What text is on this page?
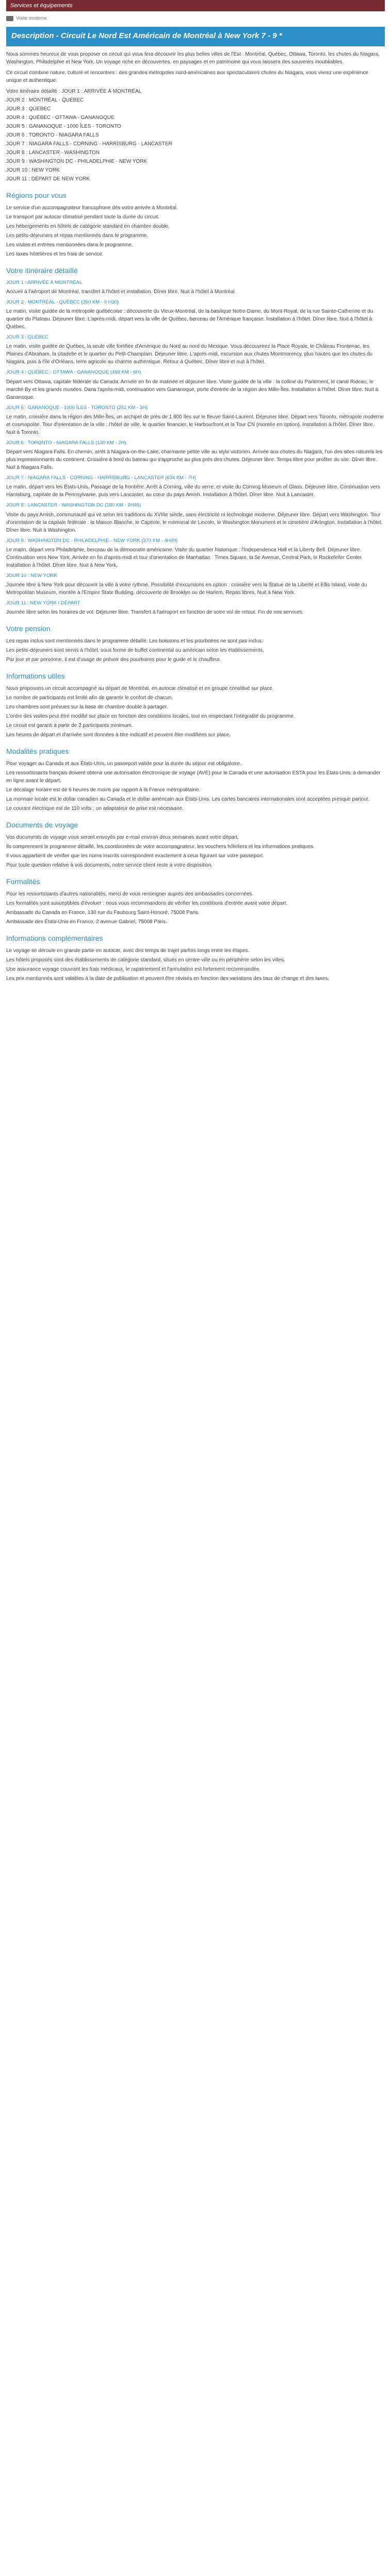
Services et équipements
Visite moderne
Description - Circuit Le Nord Est Américain de Montréal à New York 7 - 9 *

Nous sommes heureux de vous proposer ce circuit qui vous fera découvrir les plus belles villes de l'Est : Montréal, Québec, Ottawa, Toronto, les chutes du Niagara, Washington, Philadelphie et New York. Un voyage riche en découvertes, en paysages et en patrimoine qui vous laissera des souvenirs inoubliables.

Ce circuit combine nature, culture et rencontres : des grandes métropoles nord-américaines aux spectaculaires chutes du Niagara, vous vivrez une expérience unique et authentique.

Votre itinéraire détaillé : JOUR 1 : ARRIVÉE À MONTRÉAL

JOUR 2 : MONTRÉAL - QUÉBEC

JOUR 3 : QUÉBEC

JOUR 4 : QUÉBEC - OTTAWA - GANANOQUE

JOUR 5 : GANANOQUE - 1000 ÎLES - TORONTO

JOUR 6 : TORONTO - NIAGARA FALLS

JOUR 7 : NIAGARA FALLS - CORNING - HARRISBURG - LANCASTER

JOUR 8 : LANCASTER - WASHINGTON

JOUR 9 : WASHINGTON DC - PHILADELPHIE - NEW YORK

JOUR 10 : NEW YORK

JOUR 11 : DÉPART DE NEW YORK

Régions pour vous

Le service d'un accompagnateur francophone dès votre arrivée à Montréal.

Le transport par autocar climatisé pendant toute la durée du circuit.

Les hébergements en hôtels de catégorie standard en chambre double.

Les petits-déjeuners et repas mentionnés dans le programme.

Les visites et entrées mentionnées dans le programme.

Les taxes hôtelières et les frais de service.

Votre itinéraire détaillé
JOUR 1 : ARRIVÉE À MONTRÉAL

Accueil à l'aéroport de Montréal, transfert à l'hôtel et installation. Dîner libre. Nuit à l'hôtel à Montréal.

JOUR 2 : MONTRÉAL - QUÉBEC (250 KM - 3 H30)

Le matin, visite guidée de la métropole québécoise : découverte du Vieux-Montréal, de la basilique Notre-Dame, du Mont-Royal, de la rue Sainte-Catherine et du quartier du Plateau. Déjeuner libre. L'après-midi, départ vers la ville de Québec, berceau de l'Amérique française. Installation à l'hôtel. Dîner libre. Nuit à l'hôtel à Québec.

JOUR 3 : QUÉBEC

Le matin, visite guidée de Québec, la seule ville fortifiée d'Amérique du Nord au nord du Mexique. Vous découvrirez la Place Royale, le Château Frontenac, les Plaines d'Abraham, la citadelle et le quartier du Petit-Champlain. Déjeuner libre. L'après-midi, excursion aux chutes Montmorency, plus hautes que les chutes du Niagara, puis à l'île d'Orléans, terre agricole au charme authentique. Retour à Québec. Dîner libre et nuit à l'hôtel.

JOUR 4 : QUÉBEC - OTTAWA - GANANOQUE (469 KM - 6H)

Départ vers Ottawa, capitale fédérale du Canada. Arrivée en fin de matinée et déjeuner libre. Visite guidée de la ville : la colline du Parlement, le canal Rideau, le marché By et les grands musées. Dans l'après-midi, continuation vers Gananoque, porte d'entrée de la région des Mille-Îles. Installation à l'hôtel. Dîner libre. Nuit à Gananoque.

JOUR 5 : GANANOQUE - 1000 ÎLES - TORONTO (251 KM - 3H)

Le matin, croisière dans la région des Mille-Îles, un archipel de près de 1 800 îles sur le fleuve Saint-Laurent. Déjeuner libre. Départ vers Toronto, métropole moderne et cosmopolite. Tour d'orientation de la ville : l'hôtel de ville, le quartier financier, le Harbourfront et la Tour CN (montée en option). Installation à l'hôtel. Dîner libre. Nuit à Toronto.

JOUR 6 : TORONTO - NIAGARA FALLS (130 KM - 2H)

Départ vers Niagara Falls. En chemin, arrêt à Niagara-on-the-Lake, charmante petite ville au style victorien. Arrivée aux chutes du Niagara, l'un des sites naturels les plus impressionnants du continent. Croisière à bord du bateau qui s'approche au plus près des chutes. Déjeuner libre. Temps libre pour profiter du site. Dîner libre. Nuit à Niagara Falls.

JOUR 7 : NIAGARA FALLS - CORNING - HARRISBURG - LANCASTER (634 KM - 7H)

Le matin, départ vers les États-Unis. Passage de la frontière. Arrêt à Corning, ville du verre, et visite du Corning Museum of Glass. Déjeuner libre. Continuation vers Harrisburg, capitale de la Pennsylvanie, puis vers Lancaster, au cœur du pays Amish. Installation à l'hôtel. Dîner libre. Nuit à Lancaster.

JOUR 8 : LANCASTER - WASHINGTON DC (180 KM - 2H45)

Visite du pays Amish, communauté qui vit selon les traditions du XVIIIe siècle, sans électricité ni technologie moderne. Déjeuner libre. Départ vers Washington. Tour d'orientation de la capitale fédérale : la Maison Blanche, le Capitole, le mémorial de Lincoln, le Washington Monument et le cimetière d'Arlington. Installation à l'hôtel. Dîner libre. Nuit à Washington.

JOUR 9 : WASHINGTON DC - PHILADELPHIE - NEW YORK (370 KM - 4H30)

Le matin, départ vers Philadelphie, berceau de la démocratie américaine. Visite du quartier historique : l'Independence Hall et la Liberty Bell. Déjeuner libre. Continuation vers New York. Arrivée en fin d'après-midi et tour d'orientation de Manhattan : Times Square, la 5e Avenue, Central Park, le Rockefeller Center. Installation à l'hôtel. Dîner libre. Nuit à New York.

JOUR 10 : NEW YORK

Journée libre à New York pour découvrir la ville à votre rythme. Possibilité d'excursions en option : croisière vers la Statue de la Liberté et Ellis Island, visite du Metropolitan Museum, montée à l'Empire State Building, découverte de Brooklyn ou de Harlem. Repas libres. Nuit à New York.

JOUR 11 : NEW YORK / DÉPART

Journée libre selon les horaires de vol. Déjeuner libre. Transfert à l'aéroport en fonction de votre vol de retour. Fin de nos services.

Votre pension

Les repas inclus sont mentionnés dans le programme détaillé. Les boissons et les pourboires ne sont pas inclus.

Les petits-déjeuners sont servis à l'hôtel, sous forme de buffet continental ou américain selon les établissements.

Par jour et par personne, il est d'usage de prévoir des pourboires pour le guide et le chauffeur.

Informations utiles

Nous proposons un circuit accompagné au départ de Montréal, en autocar climatisé et en groupe constitué sur place.

Le nombre de participants est limité afin de garantir le confort de chacun.

Les chambres sont prévues sur la base de chambre double à partager.

L'ordre des visites peut être modifié sur place en fonction des conditions locales, tout en respectant l'intégralité du programme.

Le circuit est garanti à partir de 2 participants minimum.

Les heures de départ et d'arrivée sont données à titre indicatif et peuvent être modifiées sur place.

Modalités pratiques

Pour voyager au Canada et aux États-Unis, un passeport valide pour la durée du séjour est obligatoire.

Les ressortissants français doivent obtenir une autorisation électronique de voyage (AVE) pour le Canada et une autorisation ESTA pour les États-Unis, à demander en ligne avant le départ.

Le décalage horaire est de 6 heures de moins par rapport à la France métropolitaine.

La monnaie locale est le dollar canadien au Canada et le dollar américain aux États-Unis. Les cartes bancaires internationales sont acceptées presque partout.

Le courant électrique est de 110 volts ; un adaptateur de prise est nécessaire.

Documents de voyage

Vos documents de voyage vous seront envoyés par e-mail environ deux semaines avant votre départ.

Ils comprennent le programme détaillé, les coordonnées de votre accompagnateur, les vouchers hôteliers et les informations pratiques.

Il vous appartient de vérifier que les noms inscrits correspondent exactement à ceux figurant sur votre passeport.

Pour toute question relative à vos documents, notre service client reste à votre disposition.

Formalités

Pour les ressortissants d'autres nationalités, merci de vous renseigner auprès des ambassades concernées.

Les formalités sont susceptibles d'évoluer : nous vous recommandons de vérifier les conditions d'entrée avant votre départ.

Ambassade du Canada en France, 130 rue du Faubourg Saint-Honoré, 75008 Paris.

Ambassade des États-Unis en France, 2 avenue Gabriel, 75008 Paris.

Informations complémentaires

Le voyage se déroule en grande partie en autocar, avec des temps de trajet parfois longs entre les étapes.

Les hôtels proposés sont des établissements de catégorie standard, situés en centre-ville ou en périphérie selon les villes.

Une assurance voyage couvrant les frais médicaux, le rapatriement et l'annulation est fortement recommandée.

Les prix mentionnés sont valables à la date de publication et peuvent être révisés en fonction des variations des taux de change et des taxes.
